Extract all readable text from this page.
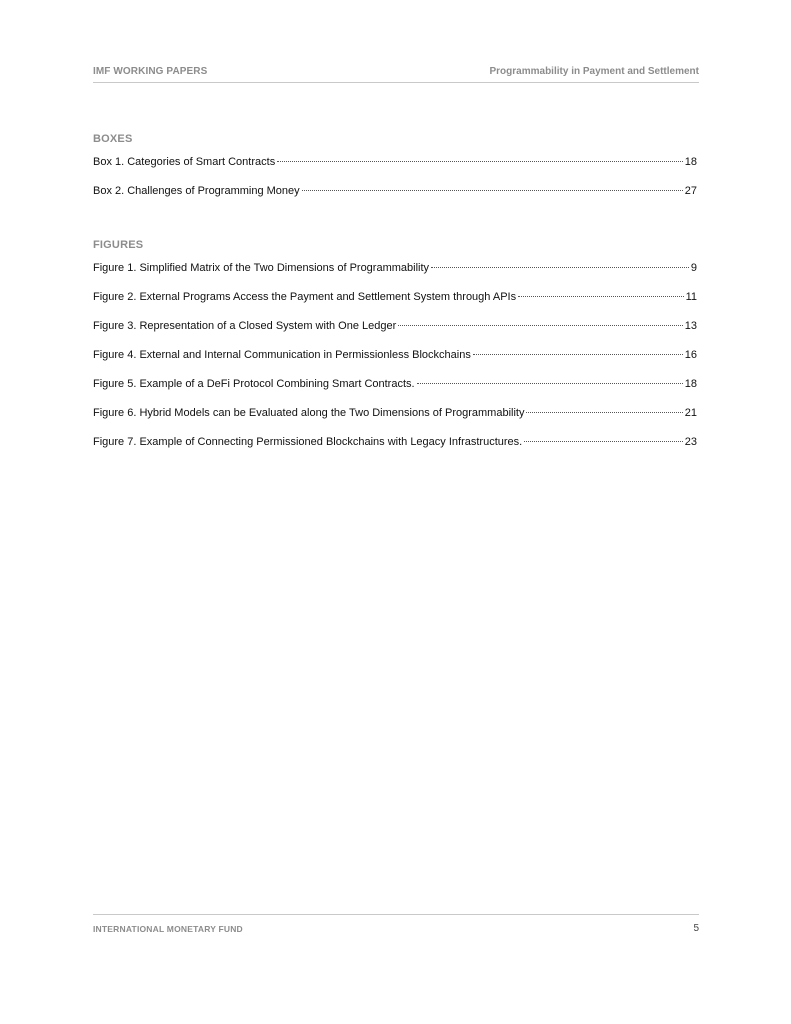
IMF WORKING PAPERS	Programmability in Payment and Settlement
BOXES
Box 1. Categories of Smart Contracts	18
Box 2. Challenges of Programming Money	27
FIGURES
Figure 1. Simplified Matrix of the Two Dimensions of Programmability	9
Figure 2. External Programs Access the Payment and Settlement System through APIs	11
Figure 3. Representation of a Closed System with One Ledger	13
Figure 4. External and Internal Communication in Permissionless Blockchains	16
Figure 5. Example of a DeFi Protocol Combining Smart Contracts.	18
Figure 6. Hybrid Models can be Evaluated along the Two Dimensions of Programmability	21
Figure 7. Example of Connecting Permissioned Blockchains with Legacy Infrastructures.	23
INTERNATIONAL MONETARY FUND	5
